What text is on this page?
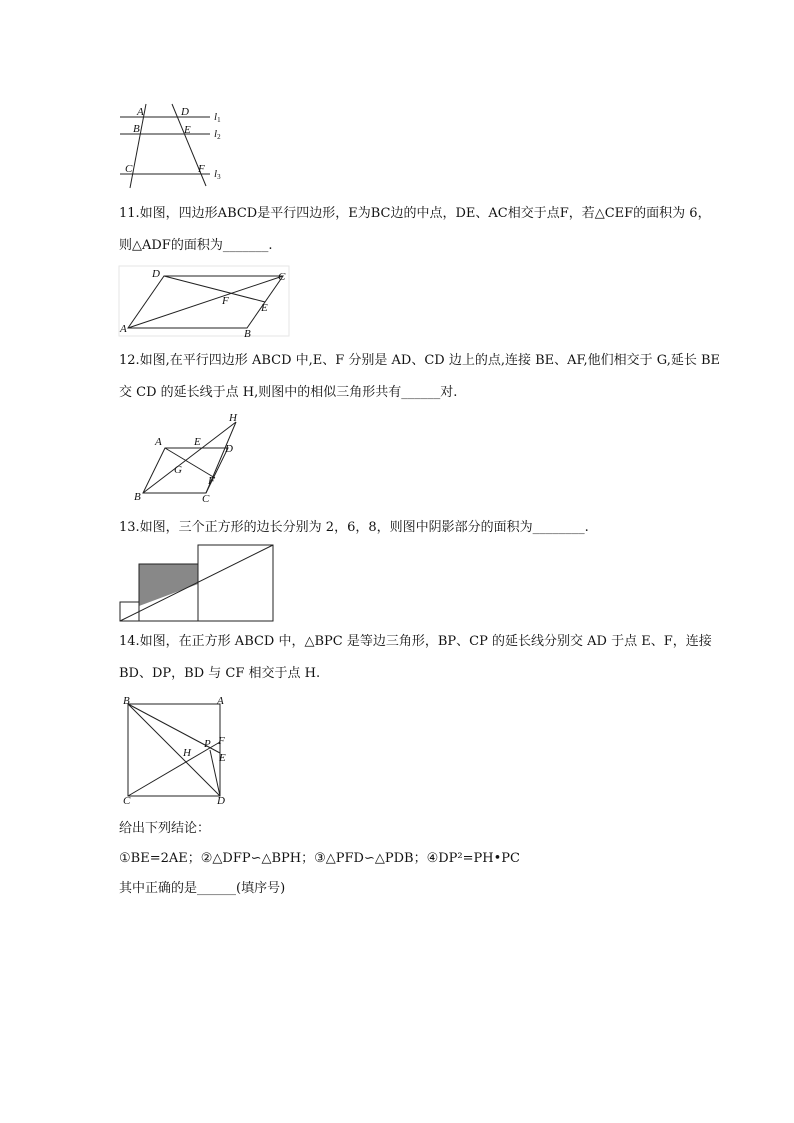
A	D
B	E
C	F
l1
l2
l3
11.如图，四边形ABCD是平行四边形，E为BC边的中点，DE、AC相交于点F，若△CEF的面积为 6，
则△ADF的面积为_______.
D	C
F
E
A	B
12.如图,在平行四边形 ABCD 中,E、F 分别是 AD、CD 边上的点,连接 BE、AF,他们相交于 G,延长 BE
交 CD 的延长线于点 H,则图中的相似三角形共有______对.
H
A	E
D
G
F
B	C
13.如图，三个正方形的边长分别为 2，6，8，则图中阴影部分的面积为________.
14.如图，在正方形 ABCD 中，△BPC 是等边三角形，BP、CP 的延长线分别交 AD 于点 E、F，连接
BD、DP，BD 与 CF 相交于点 H.
B	A
P F
H	E
C	D
给出下列结论：
①BE=2AE；②△DFP∽△BPH；③△PFD∽△PDB；④DP²=PH•PC
其中正确的是______(填序号)
